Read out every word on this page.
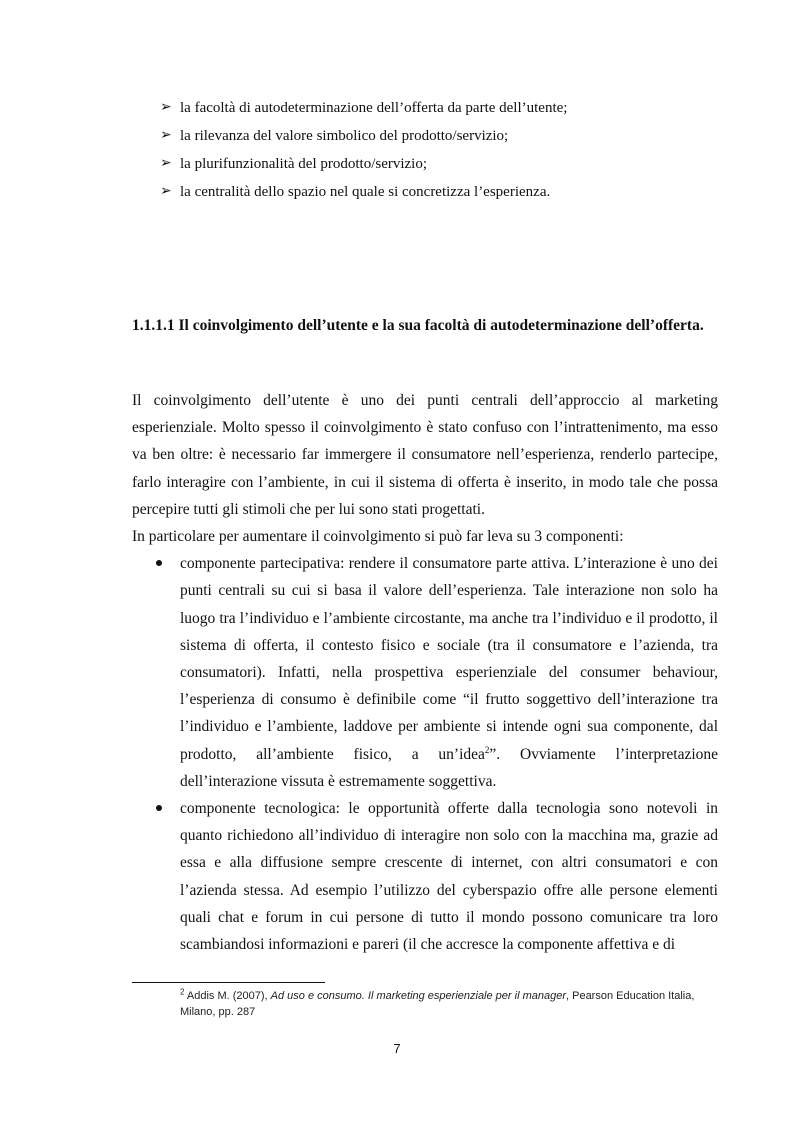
➢ la facoltà di autodeterminazione dell’offerta da parte dell’utente;
➢ la rilevanza del valore simbolico del prodotto/servizio;
➢ la plurifunzionalità del prodotto/servizio;
➢ la centralità dello spazio nel quale si concretizza l’esperienza.
1.1.1.1 Il coinvolgimento dell’utente e la sua facoltà di autodeterminazione dell’offerta.

Il coinvolgimento dell’utente è uno dei punti centrali dell’approccio al marketing esperienziale. Molto spesso il coinvolgimento è stato confuso con l’intrattenimento, ma esso va ben oltre: è necessario far immergere il consumatore nell’esperienza, renderlo partecipe, farlo interagire con l’ambiente, in cui il sistema di offerta è inserito, in modo tale che possa percepire tutti gli stimoli che per lui sono stati progettati.

In particolare per aumentare il coinvolgimento si può far leva su 3 componenti:

componente partecipativa: rendere il consumatore parte attiva. L’interazione è uno dei punti centrali su cui si basa il valore dell’esperienza. Tale interazione non solo ha luogo tra l’individuo e l’ambiente circostante, ma anche tra l’individuo e il prodotto, il sistema di offerta, il contesto fisico e sociale (tra il consumatore e l’azienda, tra consumatori). Infatti, nella prospettiva esperienziale del consumer behaviour, l’esperienza di consumo è definibile come “il frutto soggettivo dell’interazione tra l’individuo e l’ambiente, laddove per ambiente si intende ogni sua componente, dal prodotto, all’ambiente fisico, a un’idea$^2$”. Ovviamente l’interpretazione dell’interazione vissuta è estremamente soggettiva.
componente tecnologica: le opportunità offerte dalla tecnologia sono notevoli in quanto richiedono all’individuo di interagire non solo con la macchina ma, grazie ad essa e alla diffusione sempre crescente di internet, con altri consumatori e con l’azienda stessa. Ad esempio l’utilizzo del cyberspazio offre alle persone elementi quali chat e forum in cui persone di tutto il mondo possono comunicare tra loro scambiandosi informazioni e pareri (il che accresce la componente affettiva e di
$^2$ Addis M. (2007), Ad uso e consumo. Il marketing esperienziale per il manager, Pearson Education Italia, Milano, pp. 287
7
